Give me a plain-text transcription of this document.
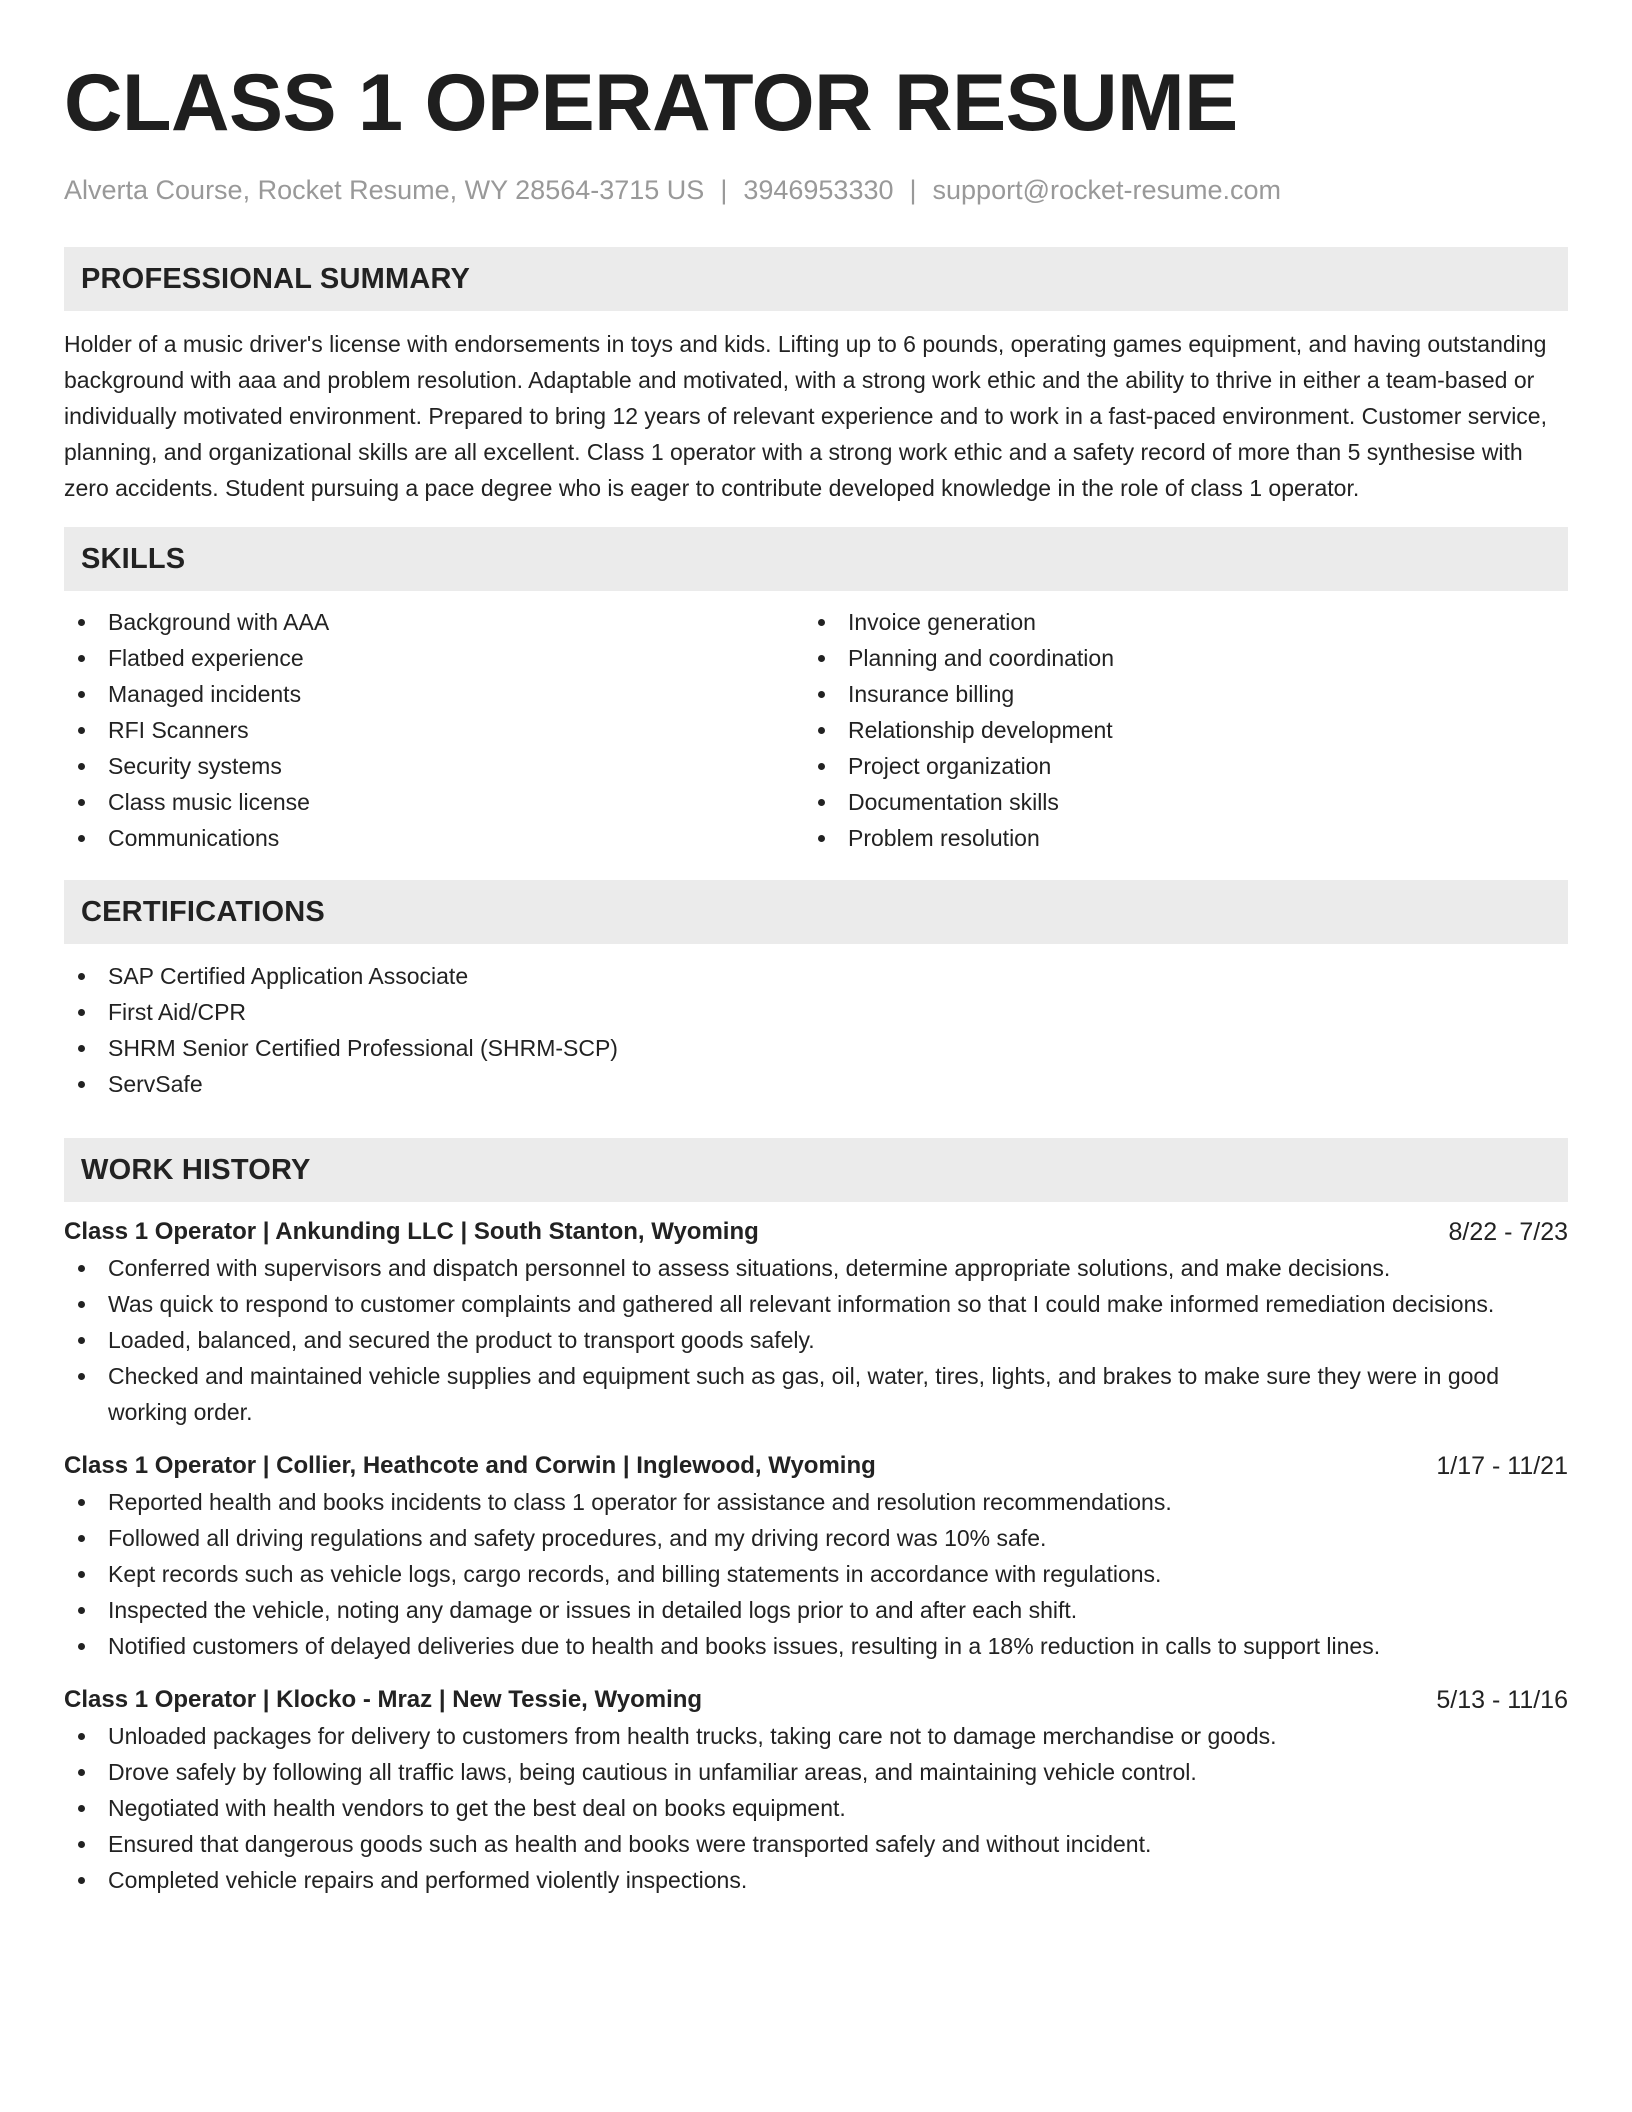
CLASS 1 OPERATOR RESUME
Alverta Course, Rocket Resume, WY 28564-3715 US | 3946953330 | support@rocket-resume.com
PROFESSIONAL SUMMARY

Holder of a music driver's license with endorsements in toys and kids. Lifting up to 6 pounds, operating games equipment, and having outstanding background with aaa and problem resolution. Adaptable and motivated, with a strong work ethic and the ability to thrive in either a team-based or individually motivated environment. Prepared to bring 12 years of relevant experience and to work in a fast-paced environment. Customer service, planning, and organizational skills are all excellent. Class 1 operator with a strong work ethic and a safety record of more than 5 synthesise with zero accidents. Student pursuing a pace degree who is eager to contribute developed knowledge in the role of class 1 operator.

SKILLS
Background with AAA
Flatbed experience
Managed incidents
RFI Scanners
Security systems
Class music license
Communications
Invoice generation
Planning and coordination
Insurance billing
Relationship development
Project organization
Documentation skills
Problem resolution
CERTIFICATIONS
SAP Certified Application Associate
First Aid/CPR
SHRM Senior Certified Professional (SHRM-SCP)
ServSafe
WORK HISTORY
Class 1 Operator | Ankunding LLC | South Stanton, Wyoming	8/22 - 7/23
Conferred with supervisors and dispatch personnel to assess situations, determine appropriate solutions, and make decisions.
Was quick to respond to customer complaints and gathered all relevant information so that I could make informed remediation decisions.
Loaded, balanced, and secured the product to transport goods safely.
Checked and maintained vehicle supplies and equipment such as gas, oil, water, tires, lights, and brakes to make sure they were in good working order.
Class 1 Operator | Collier, Heathcote and Corwin | Inglewood, Wyoming	1/17 - 11/21
Reported health and books incidents to class 1 operator for assistance and resolution recommendations.
Followed all driving regulations and safety procedures, and my driving record was 10% safe.
Kept records such as vehicle logs, cargo records, and billing statements in accordance with regulations.
Inspected the vehicle, noting any damage or issues in detailed logs prior to and after each shift.
Notified customers of delayed deliveries due to health and books issues, resulting in a 18% reduction in calls to support lines.
Class 1 Operator | Klocko - Mraz | New Tessie, Wyoming	5/13 - 11/16
Unloaded packages for delivery to customers from health trucks, taking care not to damage merchandise or goods.
Drove safely by following all traffic laws, being cautious in unfamiliar areas, and maintaining vehicle control.
Negotiated with health vendors to get the best deal on books equipment.
Ensured that dangerous goods such as health and books were transported safely and without incident.
Completed vehicle repairs and performed violently inspections.
